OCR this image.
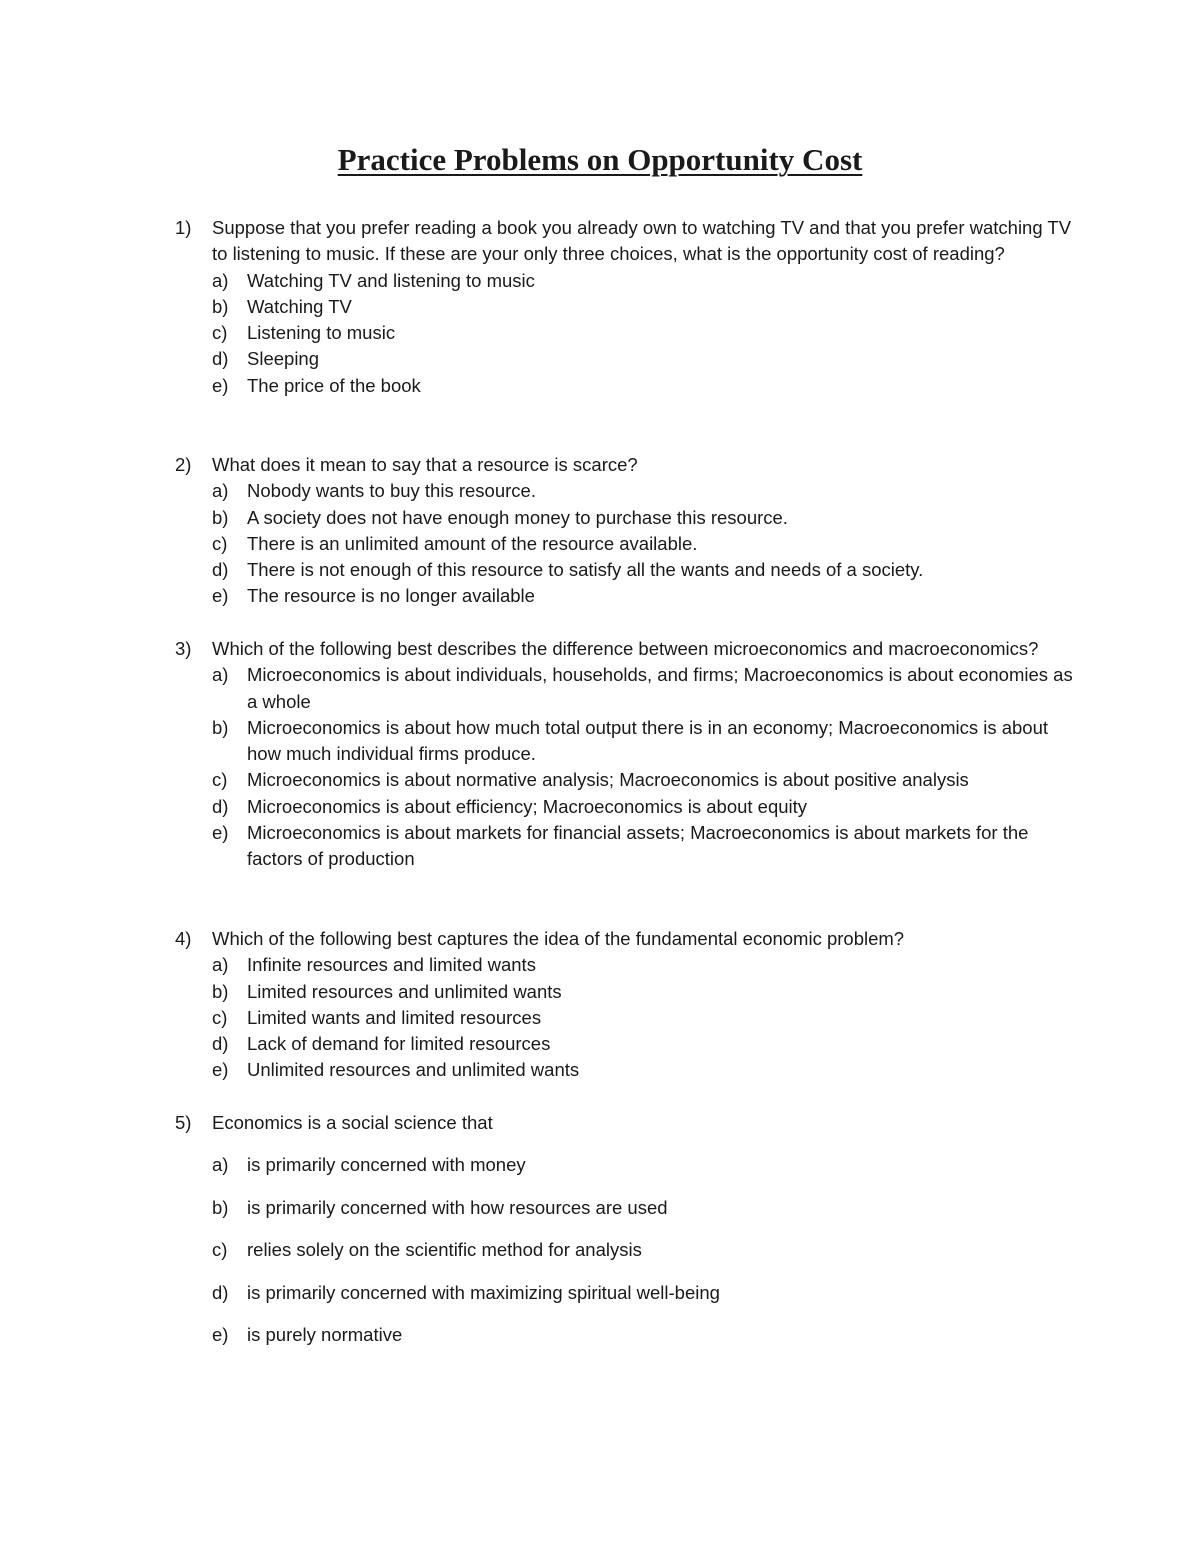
Practice Problems on Opportunity Cost
1)	Suppose that you prefer reading a book you already own to watching TV and that you prefer watching TV to listening to music. If these are your only three choices, what is the opportunity cost of reading?
a)	Watching TV and listening to music
b)	Watching TV
c)	Listening to music
d)	Sleeping
e)	The price of the book
2)	What does it mean to say that a resource is scarce?
a)	Nobody wants to buy this resource.
b)	A society does not have enough money to purchase this resource.
c)	There is an unlimited amount of the resource available.
d)	There is not enough of this resource to satisfy all the wants and needs of a society.
e)	The resource is no longer available
3)	Which of the following best describes the difference between microeconomics and macroeconomics?
a)	Microeconomics is about individuals, households, and firms; Macroeconomics is about economies as a whole
b)	Microeconomics is about how much total output there is in an economy; Macroeconomics is about how much individual firms produce.
c)	Microeconomics is about normative analysis; Macroeconomics is about positive analysis
d)	Microeconomics is about efficiency; Macroeconomics is about equity
e)	Microeconomics is about markets for financial assets; Macroeconomics is about markets for the factors of production
4)	Which of the following best captures the idea of the fundamental economic problem?
a)	Infinite resources and limited wants
b)	Limited resources and unlimited wants
c)	Limited wants and limited resources
d)	Lack of demand for limited resources
e)	Unlimited resources and unlimited wants
5)	Economics is a social science that
a)	is primarily concerned with money
b)	is primarily concerned with how resources are used
c)	relies solely on the scientific method for analysis
d)	is primarily concerned with maximizing spiritual well-being
e)	is purely normative
